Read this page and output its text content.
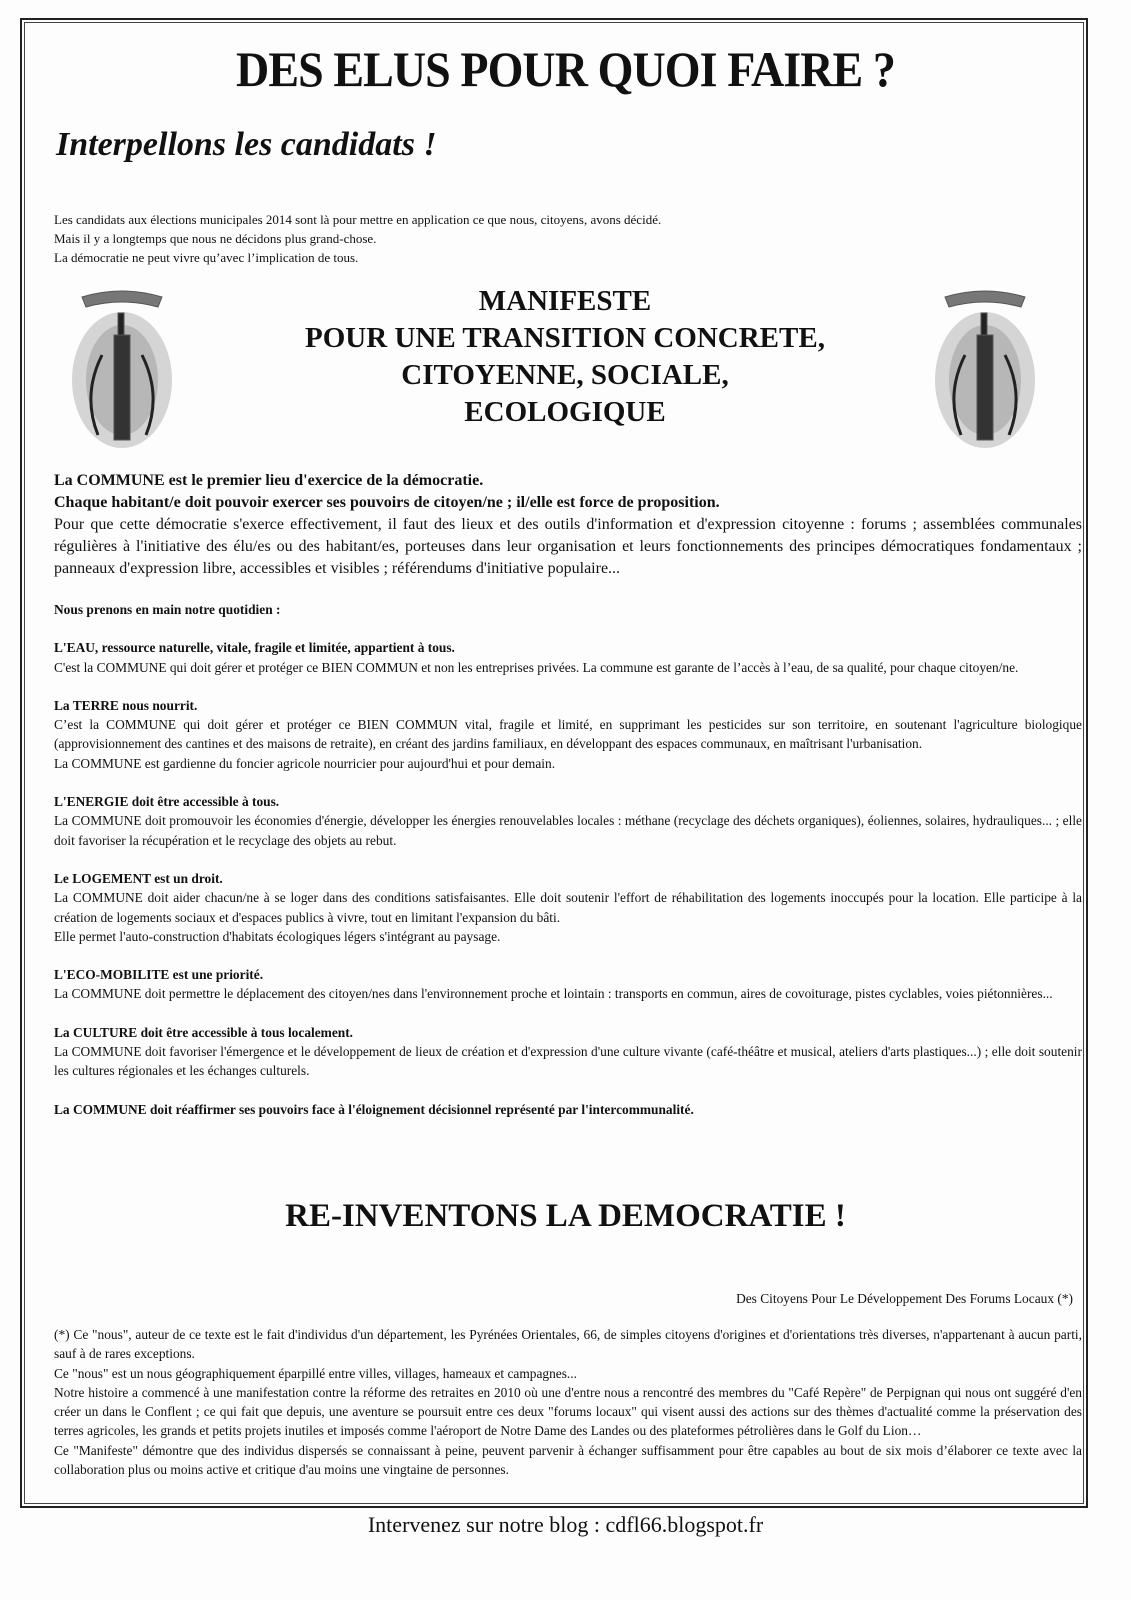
DES ELUS POUR QUOI FAIRE ?
Interpellons les candidats !
Les candidats aux élections municipales 2014 sont là pour mettre en application ce que nous, citoyens, avons décidé.
Mais il y a longtemps que nous ne décidons plus grand-chose.
La démocratie ne peut vivre qu’avec l’implication de tous.
MANIFESTE
POUR UNE TRANSITION CONCRETE,
CITOYENNE, SOCIALE,
ECOLOGIQUE

La COMMUNE est le premier lieu d'exercice de la démocratie.
Chaque habitant/e doit pouvoir exercer ses pouvoirs de citoyen/ne ; il/elle est force de proposition.
Pour que cette démocratie s'exerce effectivement, il faut des lieux et des outils d'information et d'expression citoyenne : forums ; assemblées communales régulières à l'initiative des élu/es ou des habitant/es, porteuses dans leur organisation et leurs fonctionnements des principes démocratiques fondamentaux ; panneaux d'expression libre, accessibles et visibles ; référendums d'initiative populaire...

Nous prenons en main notre quotidien :

L'EAU, ressource naturelle, vitale, fragile et limitée, appartient à tous.
C'est la COMMUNE qui doit gérer et protéger ce BIEN COMMUN et non les entreprises privées. La commune est garante de l’accès à l’eau, de sa qualité, pour chaque citoyen/ne.

La TERRE nous nourrit.
C’est la COMMUNE qui doit gérer et protéger ce BIEN COMMUN vital, fragile et limité, en supprimant les pesticides sur son territoire, en soutenant l'agriculture biologique (approvisionnement des cantines et des maisons de retraite), en créant des jardins familiaux, en développant des espaces communaux, en maîtrisant l'urbanisation.
La COMMUNE est gardienne du foncier agricole nourricier pour aujourd'hui et pour demain.

L'ENERGIE doit être accessible à tous.
La COMMUNE doit promouvoir les économies d'énergie, développer les énergies renouvelables locales : méthane (recyclage des déchets organiques), éoliennes, solaires, hydrauliques... ; elle doit favoriser la récupération et le recyclage des objets au rebut.

Le LOGEMENT est un droit.
La COMMUNE doit aider chacun/ne à se loger dans des conditions satisfaisantes. Elle doit soutenir l'effort de réhabilitation des logements inoccupés pour la location. Elle participe à la création de logements sociaux et d'espaces publics à vivre, tout en limitant l'expansion du bâti.
Elle permet l'auto-construction d'habitats écologiques légers s'intégrant au paysage.

L'ECO-MOBILITE est une priorité.
La COMMUNE doit permettre le déplacement des citoyen/nes dans l'environnement proche et lointain : transports en commun, aires de covoiturage, pistes cyclables, voies piétonnières...

La CULTURE doit être accessible à tous localement.
La COMMUNE doit favoriser l'émergence et le développement de lieux de création et d'expression d'une culture vivante (café-théâtre et musical, ateliers d'arts plastiques...) ; elle doit soutenir les cultures régionales et les échanges culturels.

La COMMUNE doit réaffirmer ses pouvoirs face à l'éloignement décisionnel représenté par l'intercommunalité.

RE-INVENTONS LA DEMOCRATIE !
Des Citoyens Pour Le Développement Des Forums Locaux (*)
(*) Ce "nous", auteur de ce texte est le fait d'individus d'un département, les Pyrénées Orientales, 66, de simples citoyens d'origines et d'orientations très diverses, n'appartenant à aucun parti, sauf à de rares exceptions.
Ce "nous" est un nous géographiquement éparpillé entre villes, villages, hameaux et campagnes...
Notre histoire a commencé à une manifestation contre la réforme des retraites en 2010 où une d'entre nous a rencontré des membres du "Café Repère" de Perpignan qui nous ont suggéré d'en créer un dans le Conflent ; ce qui fait que depuis, une aventure se poursuit entre ces deux "forums locaux" qui visent aussi des actions sur des thèmes d'actualité comme la préservation des terres agricoles, les grands et petits projets inutiles et imposés comme l'aéroport de Notre Dame des Landes ou des plateformes pétrolières dans le Golf du Lion…
Ce "Manifeste" démontre que des individus dispersés se connaissant à peine, peuvent parvenir à échanger suffisamment pour être capables au bout de six mois d’élaborer ce texte avec la collaboration plus ou moins active et critique d'au moins une vingtaine de personnes.
Intervenez sur notre blog : cdfl66.blogspot.fr
